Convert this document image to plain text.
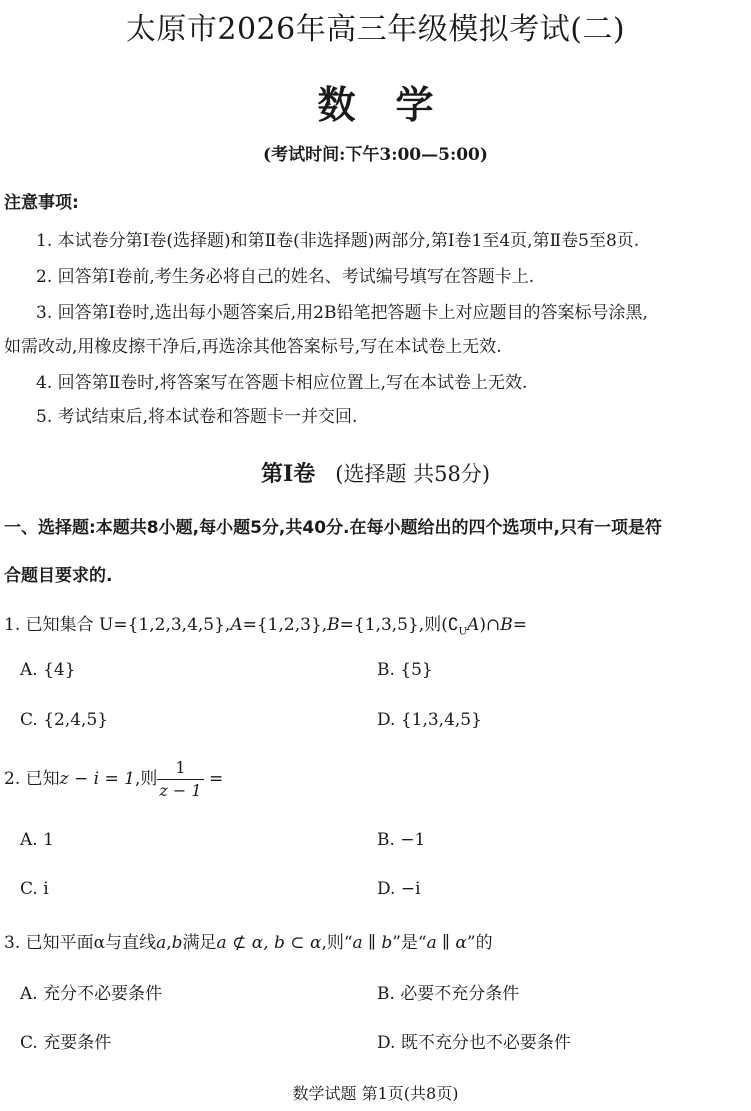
太原市2026年高三年级模拟考试(二)
数学
(考试时间:下午3:00—5:00)
注意事项:
1. 本试卷分第Ⅰ卷(选择题)和第Ⅱ卷(非选择题)两部分,第Ⅰ卷1至4页,第Ⅱ卷5至8页.
2. 回答第Ⅰ卷前,考生务必将自己的姓名、考试编号填写在答题卡上.
3. 回答第Ⅰ卷时,选出每小题答案后,用2B铅笔把答题卡上对应题目的答案标号涂黑,
如需改动,用橡皮擦干净后,再选涂其他答案标号,写在本试卷上无效.
4. 回答第Ⅱ卷时,将答案写在答题卡相应位置上,写在本试卷上无效.
5. 考试结束后,将本试卷和答题卡一并交回.
第Ⅰ卷 (选择题 共58分)
一、选择题:本题共8小题,每小题5分,共40分.在每小题给出的四个选项中,只有一项是符
合题目要求的.
1. 已知集合 U={1,2,3,4,5},A={1,2,3},B={1,3,5},则$(∁_UA)\cap B=$
A. {4}	B. {5}
C. {2,4,5}	D. {1,3,4,5}
2. 已知z − i = 1,则 $\frac{1}{z - 1}$ =
A. 1	B. −1
C. i	D. −i
3. 已知平面α与直线a,b满足a ⊄ α, b ⊂ α,则“a ∥ b”是“a ∥ α”的
A. 充分不必要条件	B. 必要不充分条件
C. 充要条件	D. 既不充分也不必要条件
数学试题 第1页(共8页)
